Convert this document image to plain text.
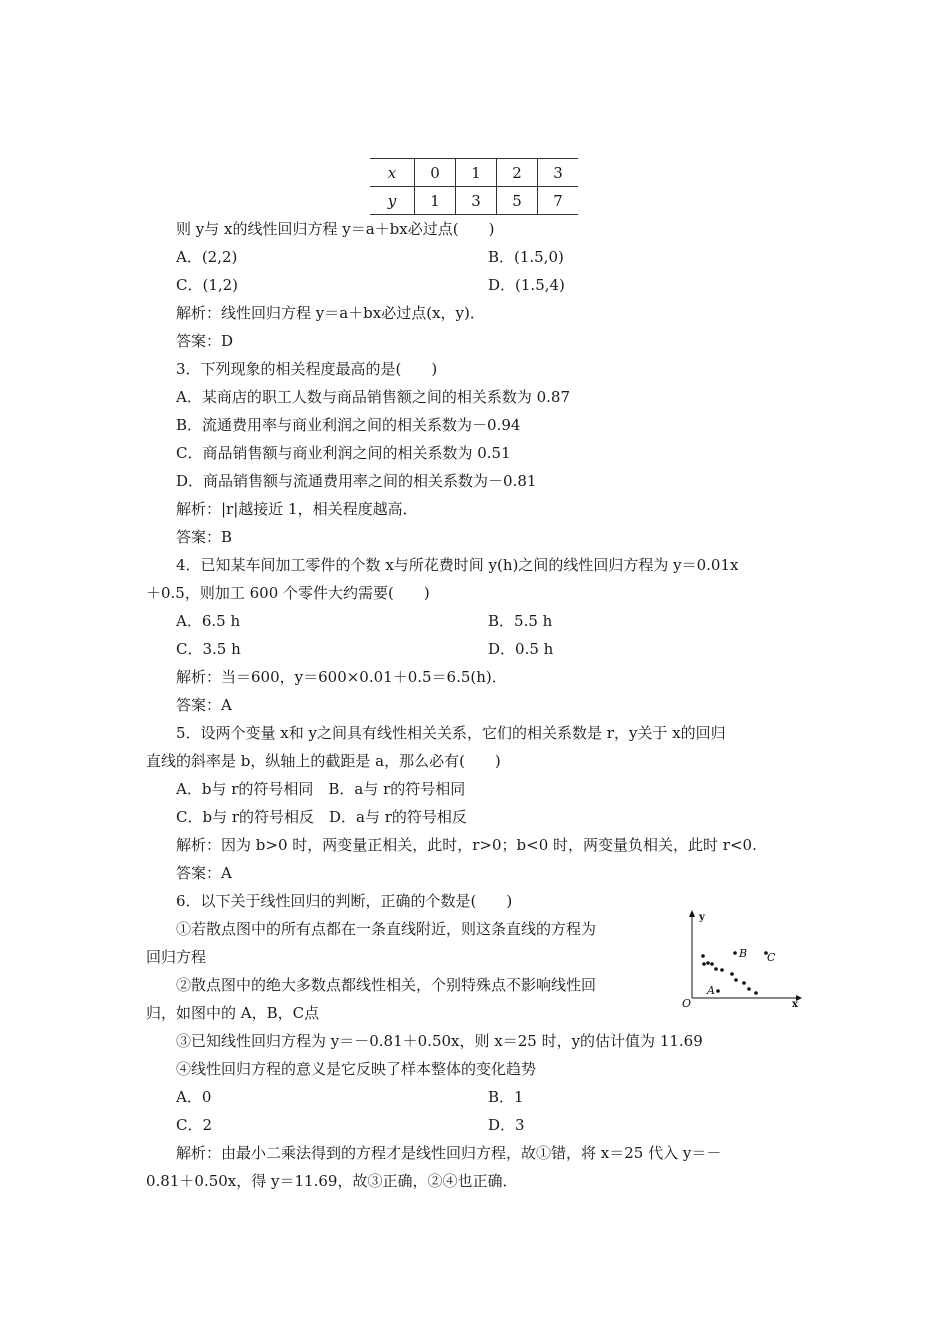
x	0	1	2	3
y	1	3	5	7
则 y与 x的线性回归方程 y＝a＋bx必过点(　　)
A．(2,2)	B．(1.5,0)
C．(1,2)	D．(1.5,4)
解析：线性回归方程 y＝a＋bx必过点(x，y)．
答案：D
3．下列现象的相关程度最高的是(　　)
A．某商店的职工人数与商品销售额之间的相关系数为 0.87
B．流通费用率与商业利润之间的相关系数为－0.94
C．商品销售额与商业利润之间的相关系数为 0.51
D．商品销售额与流通费用率之间的相关系数为－0.81
解析：|r|越接近 1，相关程度越高．
答案：B
4．已知某车间加工零件的个数 x与所花费时间 y(h)之间的线性回归方程为 y＝0.01x
＋0.5，则加工 600 个零件大约需要(　　)
A．6.5 h	B．5.5 h
C．3.5 h	D．0.5 h
解析：当＝600，y＝600×0.01＋0.5＝6.5(h)．
答案：A
5．设两个变量 x和 y之间具有线性相关关系，它们的相关系数是 r，y关于 x的回归
直线的斜率是 b，纵轴上的截距是 a，那么必有(　　)
A．b与 r的符号相同　B．a与 r的符号相同
C．b与 r的符号相反　D．a与 r的符号相反
解析：因为 b>0 时，两变量正相关，此时，r>0；b<0 时，两变量负相关，此时 r<0.
答案：A
6．以下关于线性回归的判断，正确的个数是(　　)
①若散点图中的所有点都在一条直线附近，则这条直线的方程为
回归方程
②散点图中的绝大多数点都线性相关，个别特殊点不影响线性回
归，如图中的 A，B，C点
③已知线性回归方程为 y＝－0.81＋0.50x，则 x＝25 时，y的估计值为 11.69
④线性回归方程的意义是它反映了样本整体的变化趋势
A．0	B．1
C．2	D．3
解析：由最小二乘法得到的方程才是线性回归方程，故①错，将 x＝25 代入 y＝－
0.81＋0.50x，得 y＝11.69，故③正确，②④也正确．
y
x
O
A
B C
